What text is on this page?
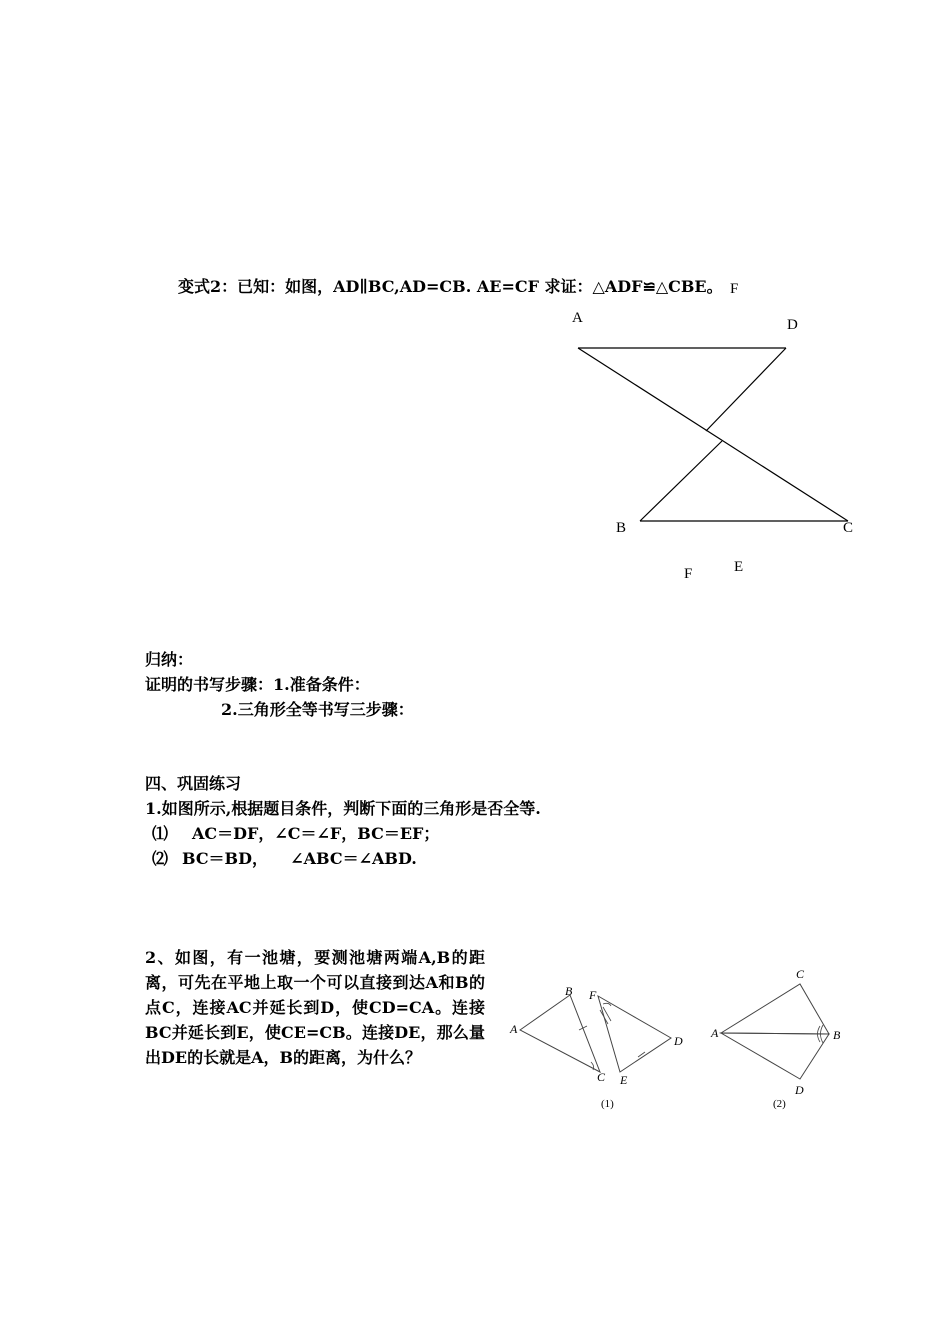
变式2：已知：如图，AD∥BC,AD=CB. AE=CF 求证：△ADF≌△CBE。 F
A	D
B	C
F	E
归纳：
证明的书写步骤：1.准备条件：
2.三角形全等书写三步骤：
四、巩固练习
1.如图所示,根据题目条件，判断下面的三角形是否全等.
⑴ AC＝DF，∠C＝∠F，BC＝EF；
⑵ BC＝BD，    ∠ABC＝∠ABD.
2、如图，有一池塘，要测池塘两端A,B的距离，可先在平地上取一个可以直接到达A和B的点C，连接AC并延长到D，使CD=CA。连接BC并延长到E，使CE=CB。连接DE，那么量出DE的长就是A，B的距离，为什么？
A
B
C
F
D
E
(1)
C
A	B
D
(2)
